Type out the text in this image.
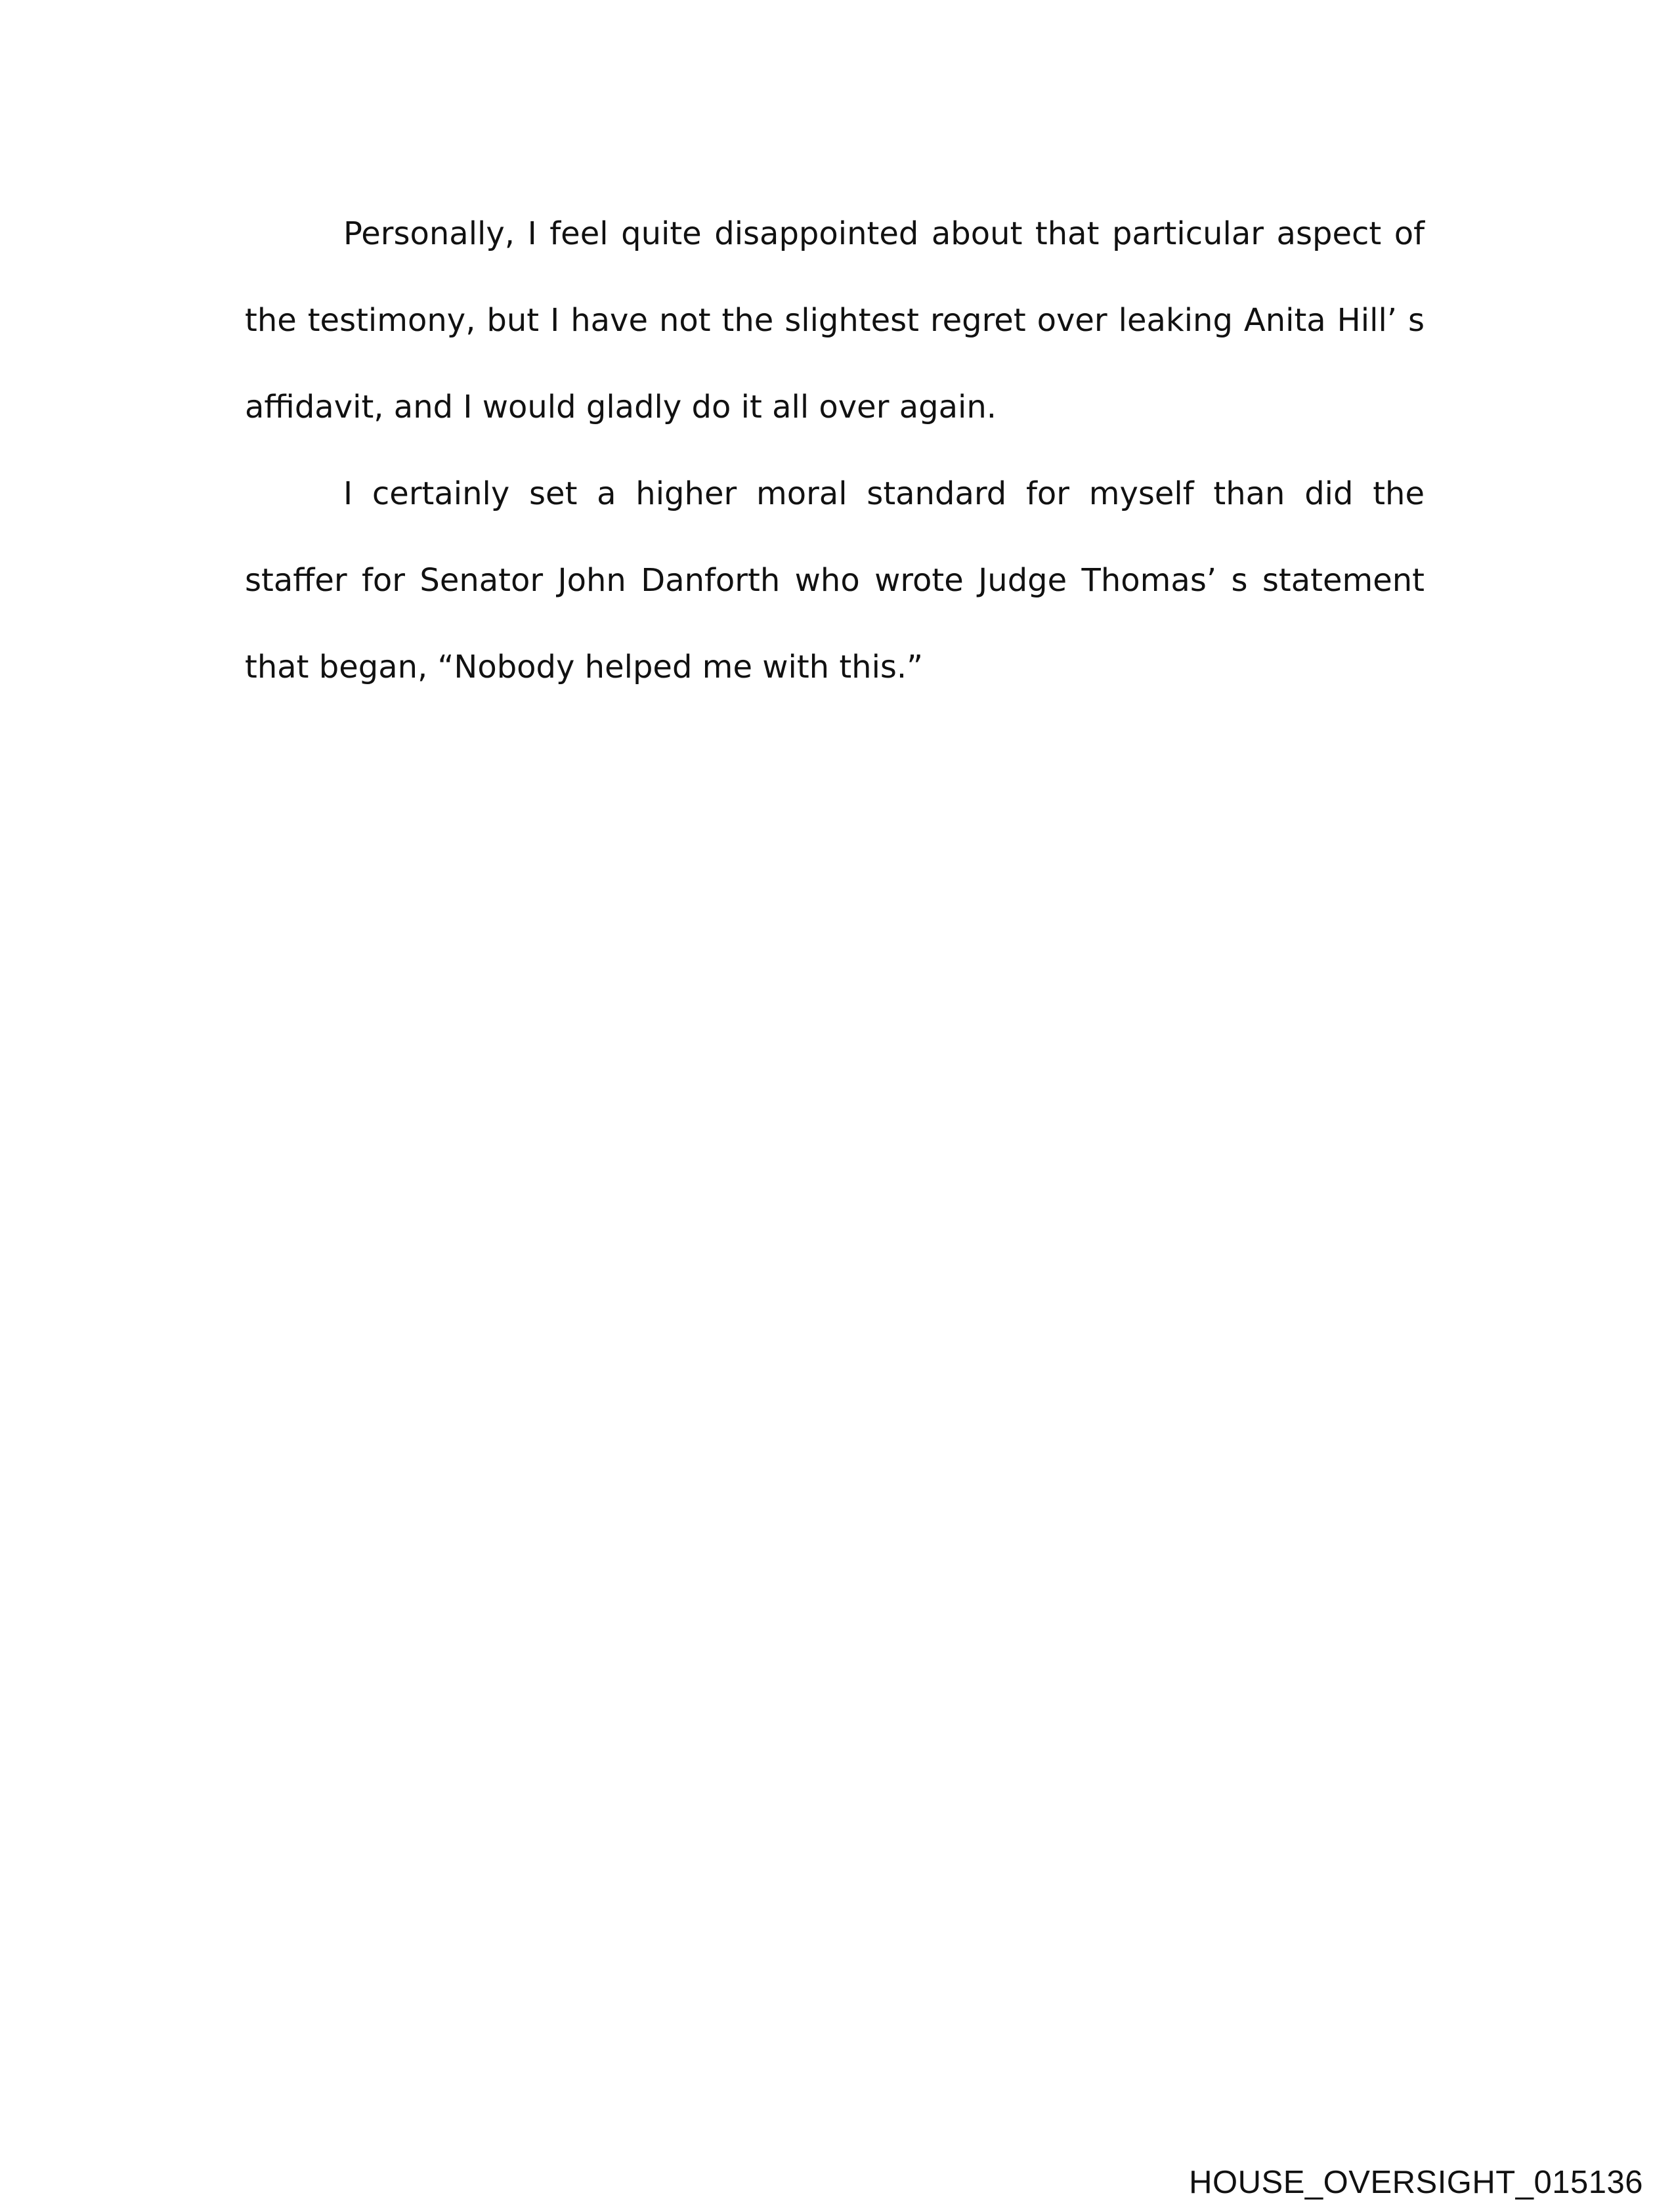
Personally, I feel quite disappointed about that particular aspect of the testimony, but I have not the slightest regret over leaking Anita Hill’ s affidavit, and I would gladly do it all over again.

I certainly set a higher moral standard for myself than did the staffer for Senator John Danforth who wrote Judge Thomas’ s statement that began, “Nobody helped me with this.”

HOUSE_OVERSIGHT_015136
